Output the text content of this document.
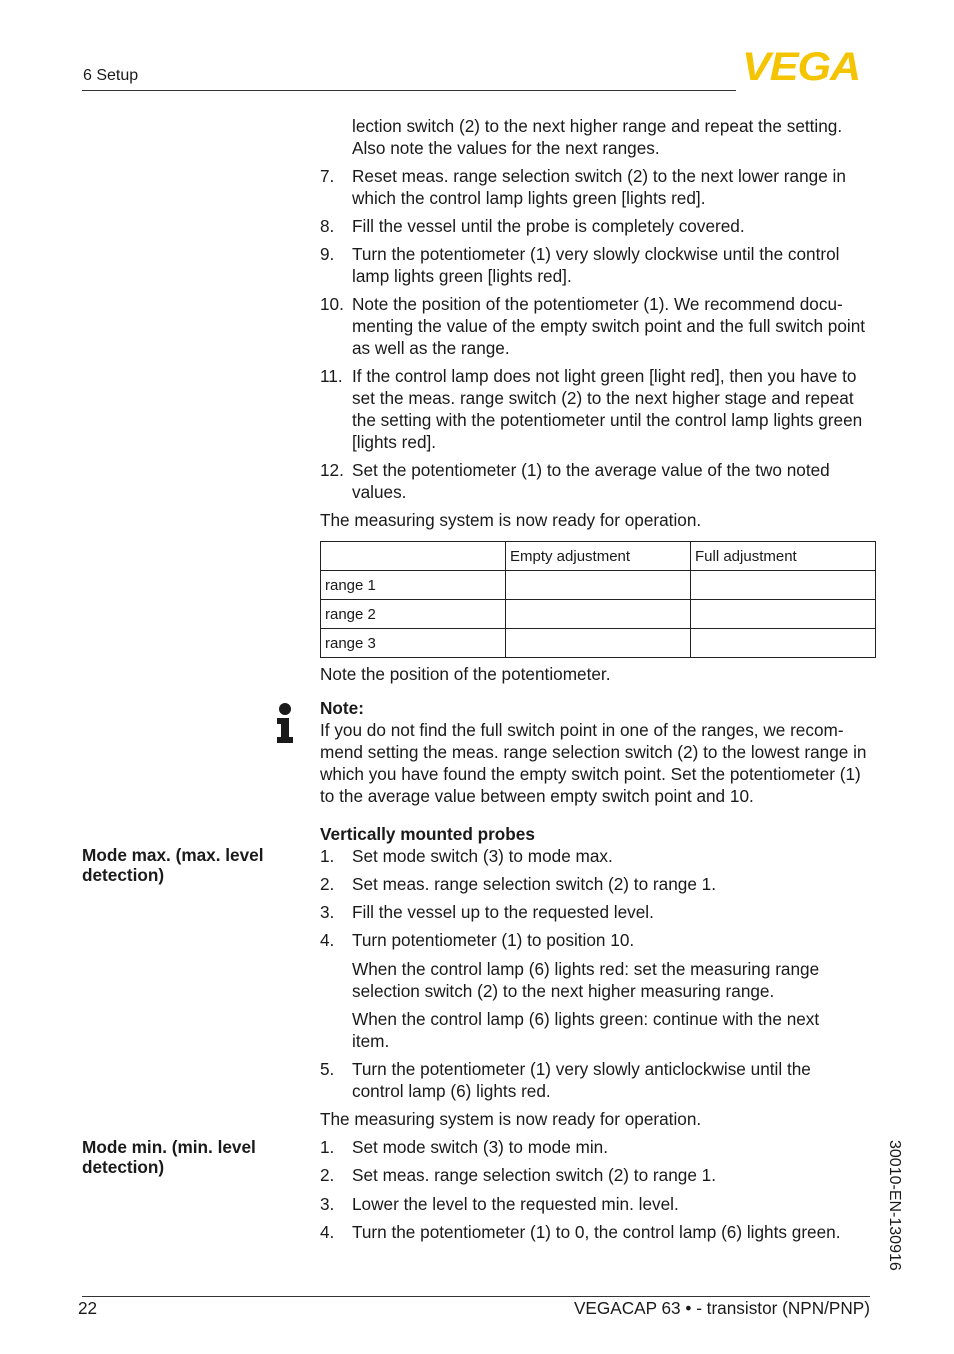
6 Setup	VEGA
lection switch (2) to the next higher range and repeat the setting. Also note the values for the next ranges.
7. Reset meas. range selection switch (2) to the next lower range in which the control lamp lights green [lights red].
8. Fill the vessel until the probe is completely covered.
9. Turn the potentiometer (1) very slowly clockwise until the control lamp lights green [lights red].
10. Note the position of the potentiometer (1). We recommend docu-menting the value of the empty switch point and the full switch point as well as the range.
11. If the control lamp does not light green [light red], then you have to set the meas. range switch (2) to the next higher stage and repeat the setting with the potentiometer until the control lamp lights green [lights red].
12. Set the potentiometer (1) to the average value of the two noted values.
The measuring system is now ready for operation.
	Empty adjustment	Full adjustment
range 1		
range 2		
range 3		
Note the position of the potentiometer.
Note:
If you do not find the full switch point in one of the ranges, we recom-mend setting the meas. range selection switch (2) to the lowest range in which you have found the empty switch point. Set the potentiometer (1) to the average value between empty switch point and 10.
Vertically mounted probes
Mode max. (max. level detection)
1. Set mode switch (3) to mode max.
2. Set meas. range selection switch (2) to range 1.
3. Fill the vessel up to the requested level.
4. Turn potentiometer (1) to position 10.
When the control lamp (6) lights red: set the measuring range selection switch (2) to the next higher measuring range.
When the control lamp (6) lights green: continue with the next item.
5. Turn the potentiometer (1) very slowly anticlockwise until the control lamp (6) lights red.
The measuring system is now ready for operation.
Mode min. (min. level detection)
1. Set mode switch (3) to mode min.
2. Set meas. range selection switch (2) to range 1.
3. Lower the level to the requested min. level.
4. Turn the potentiometer (1) to 0, the control lamp (6) lights green.	30010-EN-130916
22	VEGACAP 63 • - transistor (NPN/PNP)
